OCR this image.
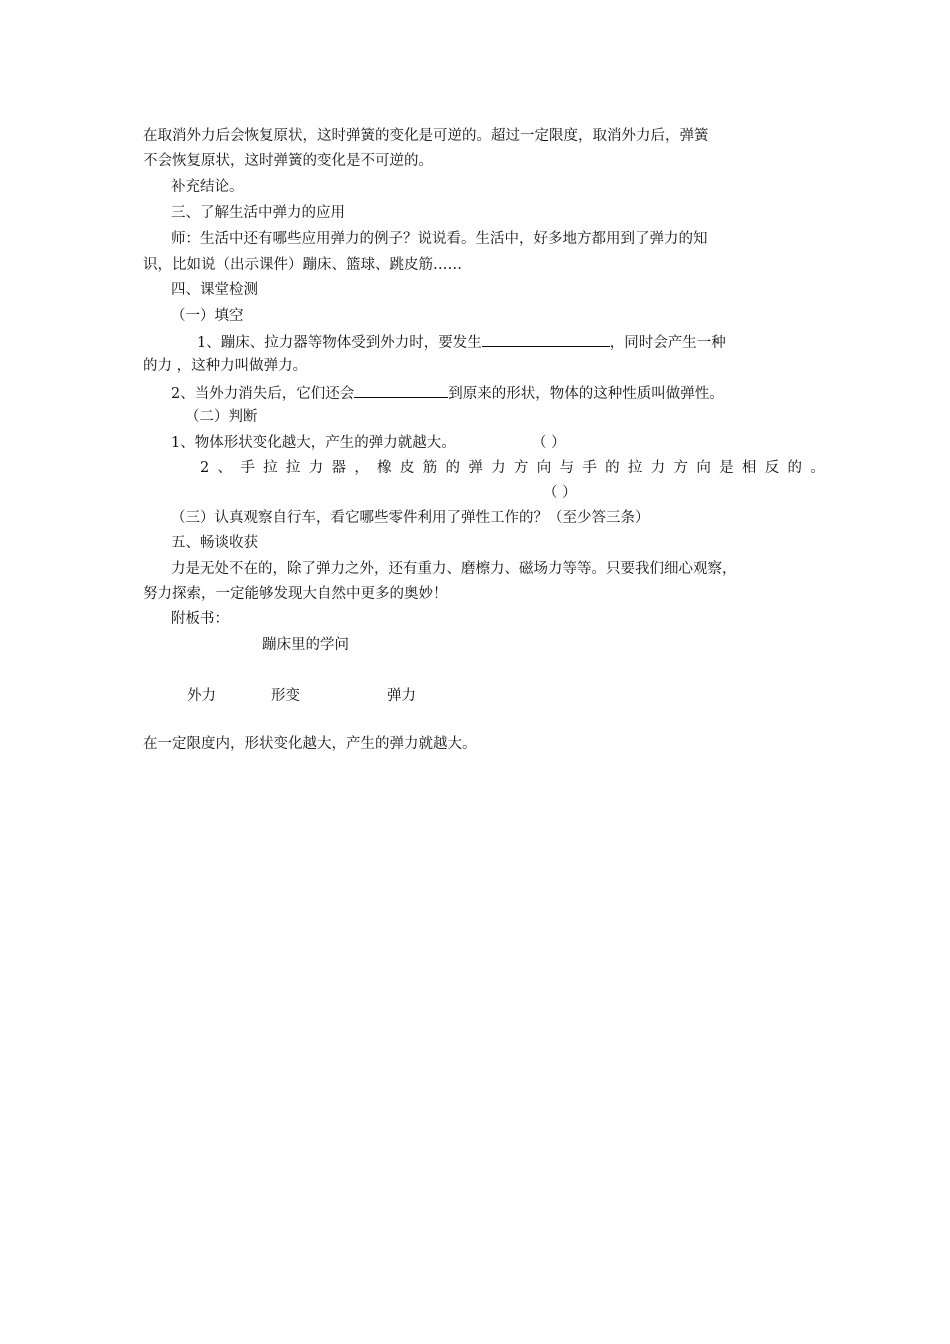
在取消外力后会恢复原状，这时弹簧的变化是可逆的。超过一定限度，取消外力后，弹簧
不会恢复原状，这时弹簧的变化是不可逆的。
补充结论。
三、了解生活中弹力的应用
师：生活中还有哪些应用弹力的例子？说说看。生活中，好多地方都用到了弹力的知
识，比如说（出示课件）蹦床、篮球、跳皮筋……
四、课堂检测
（一）填空
1、蹦床、拉力器等物体受到外力时，要发生	，同时会产生一种
的力 ，这种力叫做弹力。
2、当外力消失后，它们还会	到原来的形状，物体的这种性质叫做弹性。
（二）判断
1、物体形状变化越大，产生的弹力就越大。	（ ）
2、手拉拉力器，橡皮筋的弹力方向与手的拉力方向是相反的。
（ ）
（三）认真观察自行车，看它哪些零件利用了弹性工作的？（至少答三条）
五、畅谈收获
力是无处不在的，除了弹力之外，还有重力、磨檫力、磁场力等等。只要我们细心观察，
努力探索，一定能够发现大自然中更多的奥妙！
附板书：
蹦床里的学问
外力	形变	弹力
在一定限度内，形状变化越大，产生的弹力就越大。
